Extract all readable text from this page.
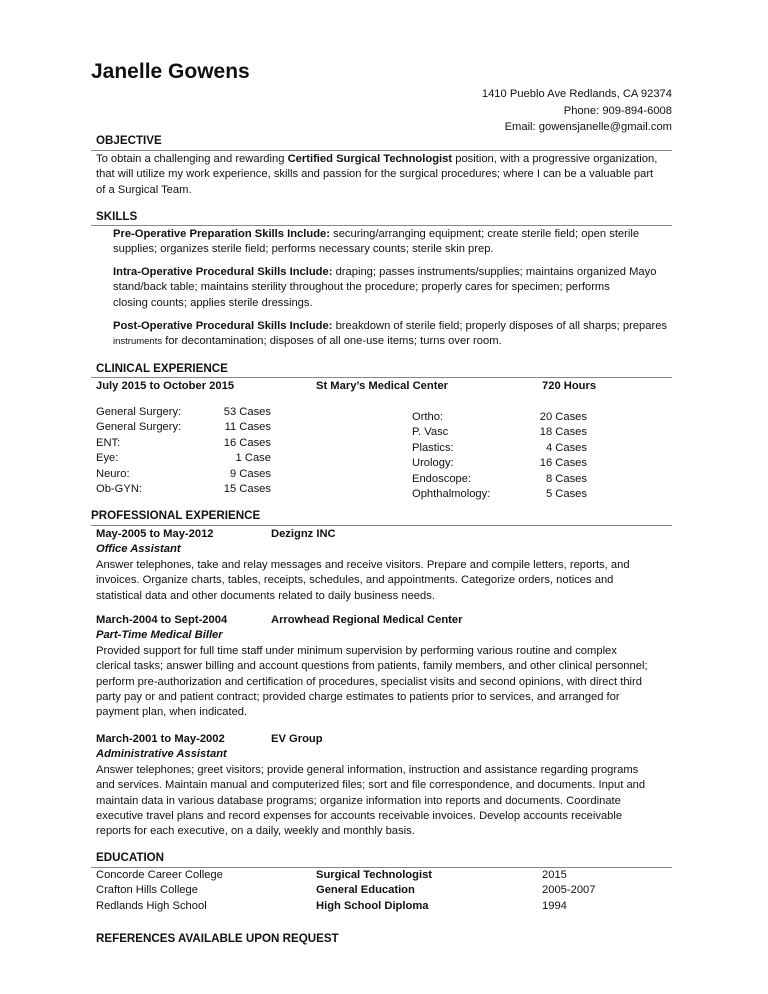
Janelle Gowens
1410 Pueblo Ave Redlands, CA 92374
Phone: 909-894-6008
Email: gowensjanelle@gmail.com
OBJECTIVE
To obtain a challenging and rewarding Certified Surgical Technologist position, with a progressive organization,
that will utilize my work experience, skills and passion for the surgical procedures; where I can be a valuable part
of a Surgical Team.
SKILLS
Pre-Operative Preparation Skills Include: securing/arranging equipment; create sterile field; open sterile
supplies; organizes sterile field; performs necessary counts; sterile skin prep.
Intra-Operative Procedural Skills Include: draping; passes instruments/supplies; maintains organized Mayo
stand/back table; maintains sterility throughout the procedure; properly cares for specimen; performs
closing counts; applies sterile dressings.
Post-Operative Procedural Skills Include: breakdown of sterile field; properly disposes of all sharps; prepares
instruments for decontamination; disposes of all one-use items; turns over room.
CLINICAL EXPERIENCE
July 2015 to October 2015	St Mary’s Medical Center	720 Hours
General Surgery:	53 Cases
General Surgery:	11 Cases
ENT:	16 Cases
Eye:	1 Case
Neuro:	9 Cases
Ob-GYN:	15 Cases
Ortho:	20 Cases
P. Vasc	18 Cases
Plastics:	4 Cases
Urology:	16 Cases
Endoscope:	8 Cases
Ophthalmology:	5 Cases
PROFESSIONAL EXPERIENCE
May-2005 to May-2012	Dezignz INC
Office Assistant
Answer telephones, take and relay messages and receive visitors. Prepare and compile letters, reports, and
invoices. Organize charts, tables, receipts, schedules, and appointments. Categorize orders, notices and
statistical data and other documents related to daily business needs.
March-2004 to Sept-2004	Arrowhead Regional Medical Center
Part-Time Medical Biller
Provided support for full time staff under minimum supervision by performing various routine and complex
clerical tasks; answer billing and account questions from patients, family members, and other clinical personnel;
perform pre-authorization and certification of procedures, specialist visits and second opinions, with direct third
party pay or and patient contract; provided charge estimates to patients prior to services, and arranged for
payment plan, when indicated.
March-2001 to May-2002	EV Group
Administrative Assistant
Answer telephones; greet visitors; provide general information, instruction and assistance regarding programs
and services. Maintain manual and computerized files; sort and file correspondence, and documents. Input and
maintain data in various database programs; organize information into reports and documents. Coordinate
executive travel plans and record expenses for accounts receivable invoices. Develop accounts receivable
reports for each executive, on a daily, weekly and monthly basis.
EDUCATION
Concorde Career College	Surgical Technologist	2015
Crafton Hills College	General Education	2005-2007
Redlands High School	High School Diploma	1994
REFERENCES AVAILABLE UPON REQUEST
